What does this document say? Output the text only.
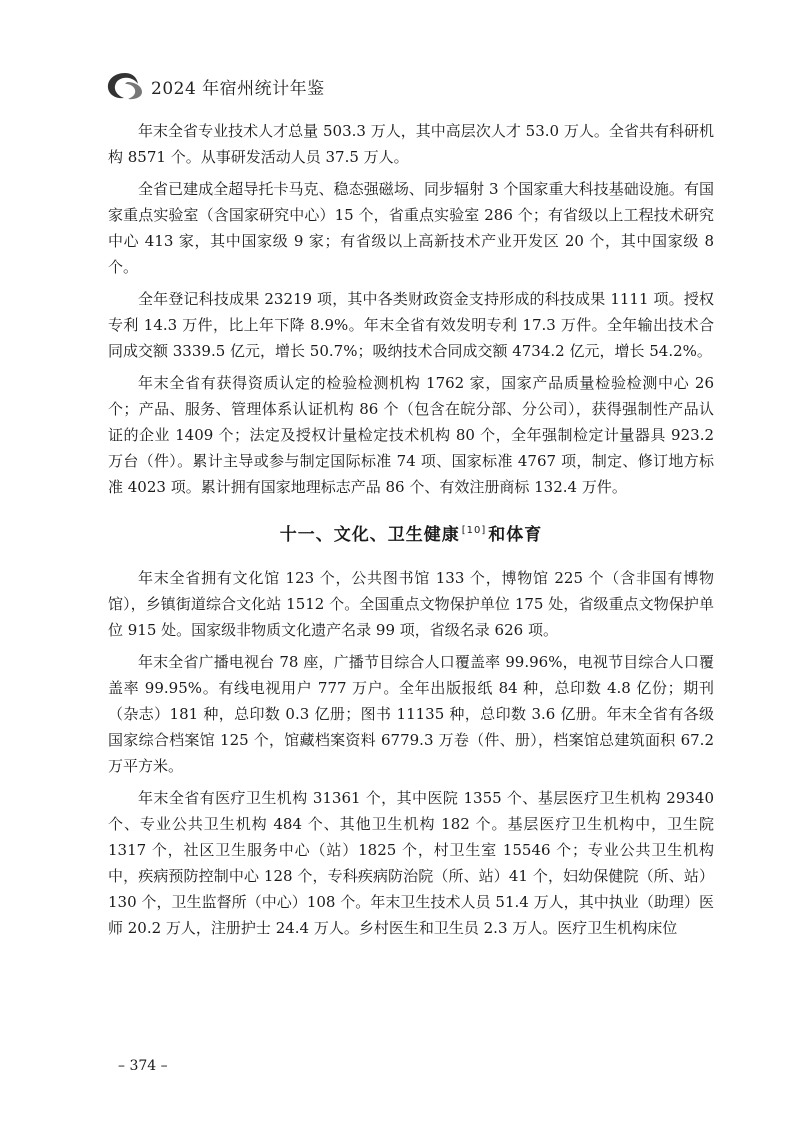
2024 年宿州统计年鉴

年末全省专业技术人才总量 503.3 万人，其中高层次人才 53.0 万人。全省共有科研机构 8571 个。从事研发活动人员 37.5 万人。

全省已建成全超导托卡马克、稳态强磁场、同步辐射 3 个国家重大科技基础设施。有国家重点实验室（含国家研究中心）15 个，省重点实验室 286 个；有省级以上工程技术研究中心 413 家，其中国家级 9 家；有省级以上高新技术产业开发区 20 个，其中国家级 8 个。

全年登记科技成果 23219 项，其中各类财政资金支持形成的科技成果 1111 项。授权专利 14.3 万件，比上年下降 8.9%。年末全省有效发明专利 17.3 万件。全年输出技术合同成交额 3339.5 亿元，增长 50.7%；吸纳技术合同成交额 4734.2 亿元，增长 54.2%。

年末全省有获得资质认定的检验检测机构 1762 家，国家产品质量检验检测中心 26 个；产品、服务、管理体系认证机构 86 个（包含在皖分部、分公司），获得强制性产品认证的企业 1409 个；法定及授权计量检定技术机构 80 个，全年强制检定计量器具 923.2 万台（件）。累计主导或参与制定国际标准 74 项、国家标准 4767 项，制定、修订地方标准 4023 项。累计拥有国家地理标志产品 86 个、有效注册商标 132.4 万件。

十一、文化、卫生健康 [10] 和体育

年末全省拥有文化馆 123 个，公共图书馆 133 个，博物馆 225 个（含非国有博物馆），乡镇街道综合文化站 1512 个。全国重点文物保护单位 175 处，省级重点文物保护单位 915 处。国家级非物质文化遗产名录 99 项，省级名录 626 项。

年末全省广播电视台 78 座，广播节目综合人口覆盖率 99.96%，电视节目综合人口覆盖率 99.95%。有线电视用户 777 万户。全年出版报纸 84 种，总印数 4.8 亿份；期刊（杂志）181 种，总印数 0.3 亿册；图书 11135 种，总印数 3.6 亿册。年末全省有各级国家综合档案馆 125 个，馆藏档案资料 6779.3 万卷（件、册），档案馆总建筑面积 67.2 万平方米。

年末全省有医疗卫生机构 31361 个，其中医院 1355 个、基层医疗卫生机构 29340 个、专业公共卫生机构 484 个、其他卫生机构 182 个。基层医疗卫生机构中，卫生院 1317 个，社区卫生服务中心（站）1825 个，村卫生室 15546 个；专业公共卫生机构中，疾病预防控制中心 128 个，专科疾病防治院（所、站）41 个，妇幼保健院（所、站）130 个，卫生监督所（中心）108 个。年末卫生技术人员 51.4 万人，其中执业（助理）医师 20.2 万人，注册护士 24.4 万人。乡村医生和卫生员 2.3 万人。医疗卫生机构床位

– 374 –
